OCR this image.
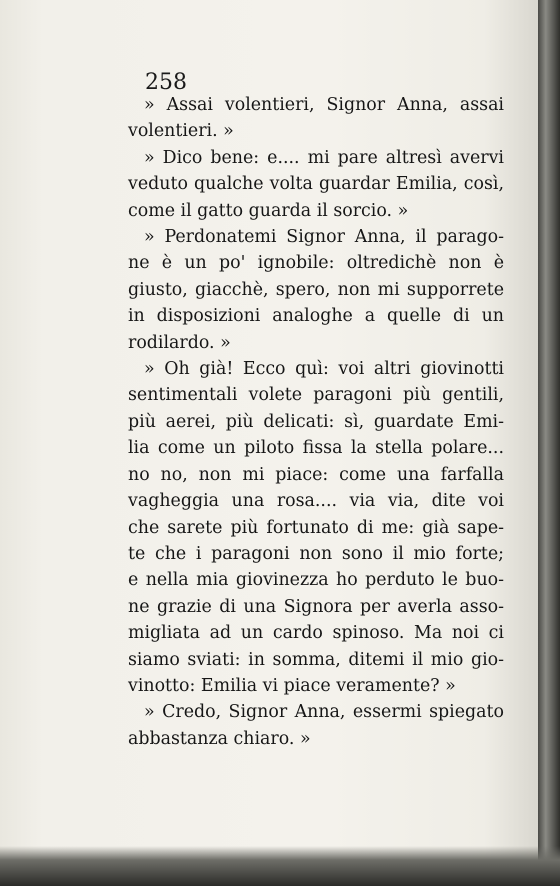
258
» Assai volentieri, Signor Anna, assai
volentieri. »
» Dico bene: e.... mi pare altresì avervi
veduto qualche volta guardar Emilia, così,
come il gatto guarda il sorcio. »
» Perdonatemi Signor Anna, il parago-
ne è un po' ignobile: oltredichè non è
giusto, giacchè, spero, non mi supporrete
in disposizioni analoghe a quelle di un
rodilardo. »
» Oh già! Ecco quì: voi altri giovinotti
sentimentali volete paragoni più gentili,
più aerei, più delicati: sì, guardate Emi-
lia come un piloto fissa la stella polare...
no no, non mi piace: come una farfalla
vagheggia una rosa.... via via, dite voi
che sarete più fortunato di me: già sape-
te che i paragoni non sono il mio forte;
e nella mia giovinezza ho perduto le buo-
ne grazie di una Signora per averla asso-
migliata ad un cardo spinoso. Ma noi ci
siamo sviati: in somma, ditemi il mio gio-
vinotto: Emilia vi piace veramente? »
» Credo, Signor Anna, essermi spiegato
abbastanza chiaro. »
